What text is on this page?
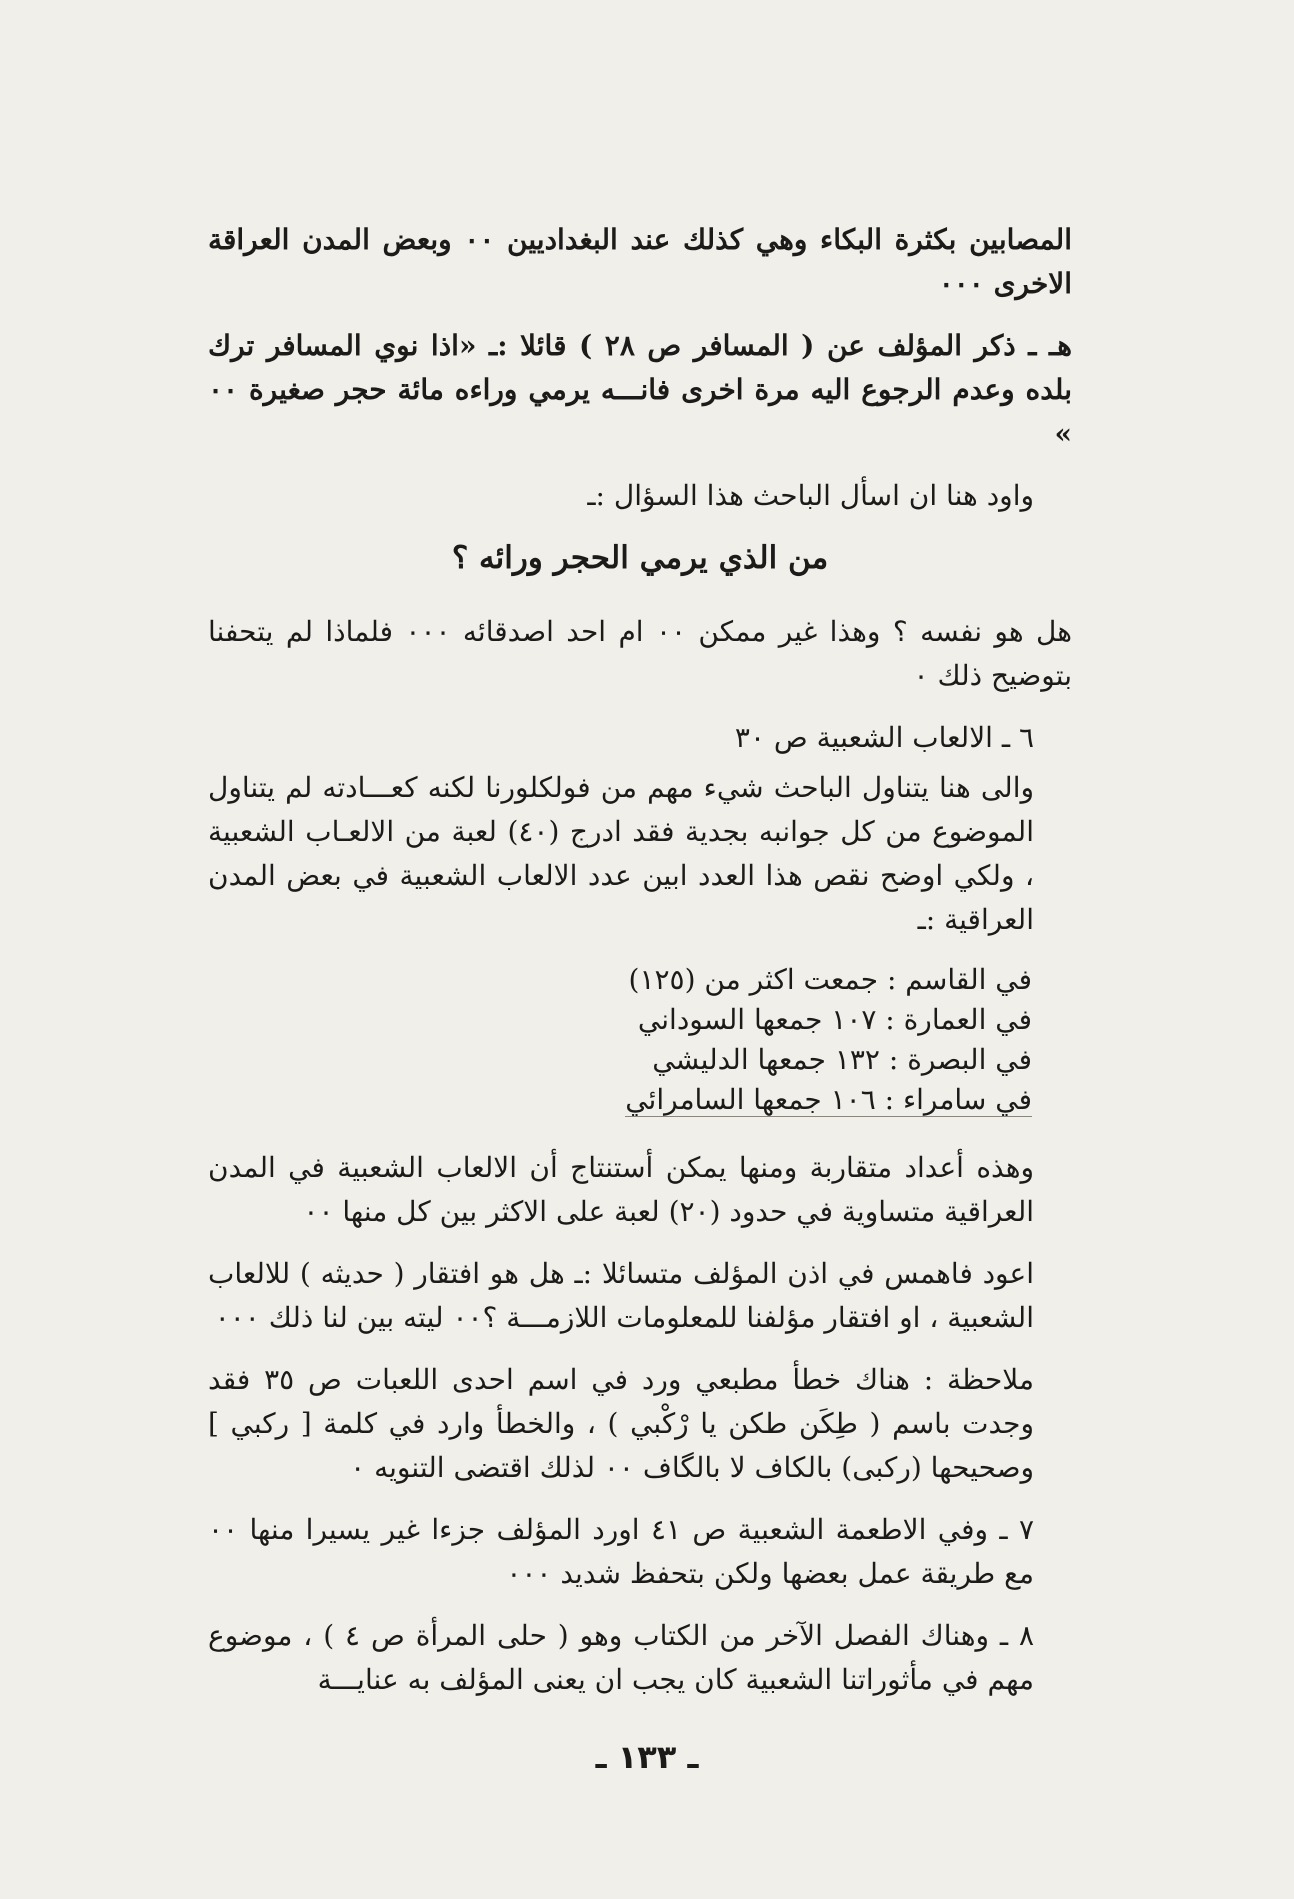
المصابين بكثرة البكاء وهي كذلك عند البغداديين ٠٠ وبعض المدن العراقة الاخرى ٠٠٠

هـ ـ ذكر المؤلف عن ( المسافر ص ٢٨ ) قائلا :ـ «اذا نوي المسافر ترك بلده وعدم الرجوع اليه مرة اخرى فانـــه يرمي وراءه مائة حجر صغيرة ٠٠ »

واود هنا ان اسأل الباحث هذا السؤال :ـ

من الذي يرمي الحجر ورائه ؟

هل هو نفسه ؟ وهذا غير ممكن ٠٠ ام احد اصدقائه ٠٠٠ فلماذا لم يتحفنا بتوضيح ذلك ٠

٦ ـ الالعاب الشعبية ص ٣٠

والى هنا يتناول الباحث شيء مهم من فولكلورنا لكنه كعـــادته لم يتناول الموضوع من كل جوانبه بجدية فقد ادرج (٤٠) لعبة من الالعـاب الشعبية ، ولكي اوضح نقص هذا العدد ابين عدد الالعاب الشعبية في بعض المدن العراقية :ـ

في القاسم : جمعت اكثر من (١٢٥)
في العمارة : ١٠٧ جمعها السوداني
في البصرة : ١٣٢ جمعها الدليشي
في سامراء : ١٠٦ جمعها السامرائي

وهذه أعداد متقاربة ومنها يمكن أستنتاج أن الالعاب الشعبية في المدن العراقية متساوية في حدود (٢٠) لعبة على الاكثر بين كل منها ٠٠

اعود فاهمس في اذن المؤلف متسائلا :ـ هل هو افتقار ( حديثه ) للالعاب الشعبية ، او افتقار مؤلفنا للمعلومات اللازمـــة ؟٠٠ ليته بين لنا ذلك ٠٠٠

ملاحظة : هناك خطأ مطبعي ورد في اسم احدى اللعبات ص ٣٥ فقد وجدت باسم ( طِكَن طكن يا رْكْبي ) ، والخطأ وارد في كلمة [ ركبي ] وصحيحها (ركبى) بالكاف لا بالگاف ٠٠ لذلك اقتضى التنويه ٠

٧ ـ وفي الاطعمة الشعبية ص ٤١ اورد المؤلف جزءا غير يسيرا منها ٠٠ مع طريقة عمل بعضها ولكن بتحفظ شديد ٠٠٠

٨ ـ وهناك الفصل الآخر من الكتاب وهو ( حلى المرأة ص ٤ ) ، موضوع مهم في مأثوراتنا الشعبية كان يجب ان يعنى المؤلف به عنايـــة

ـ ١٣٣ ـ
